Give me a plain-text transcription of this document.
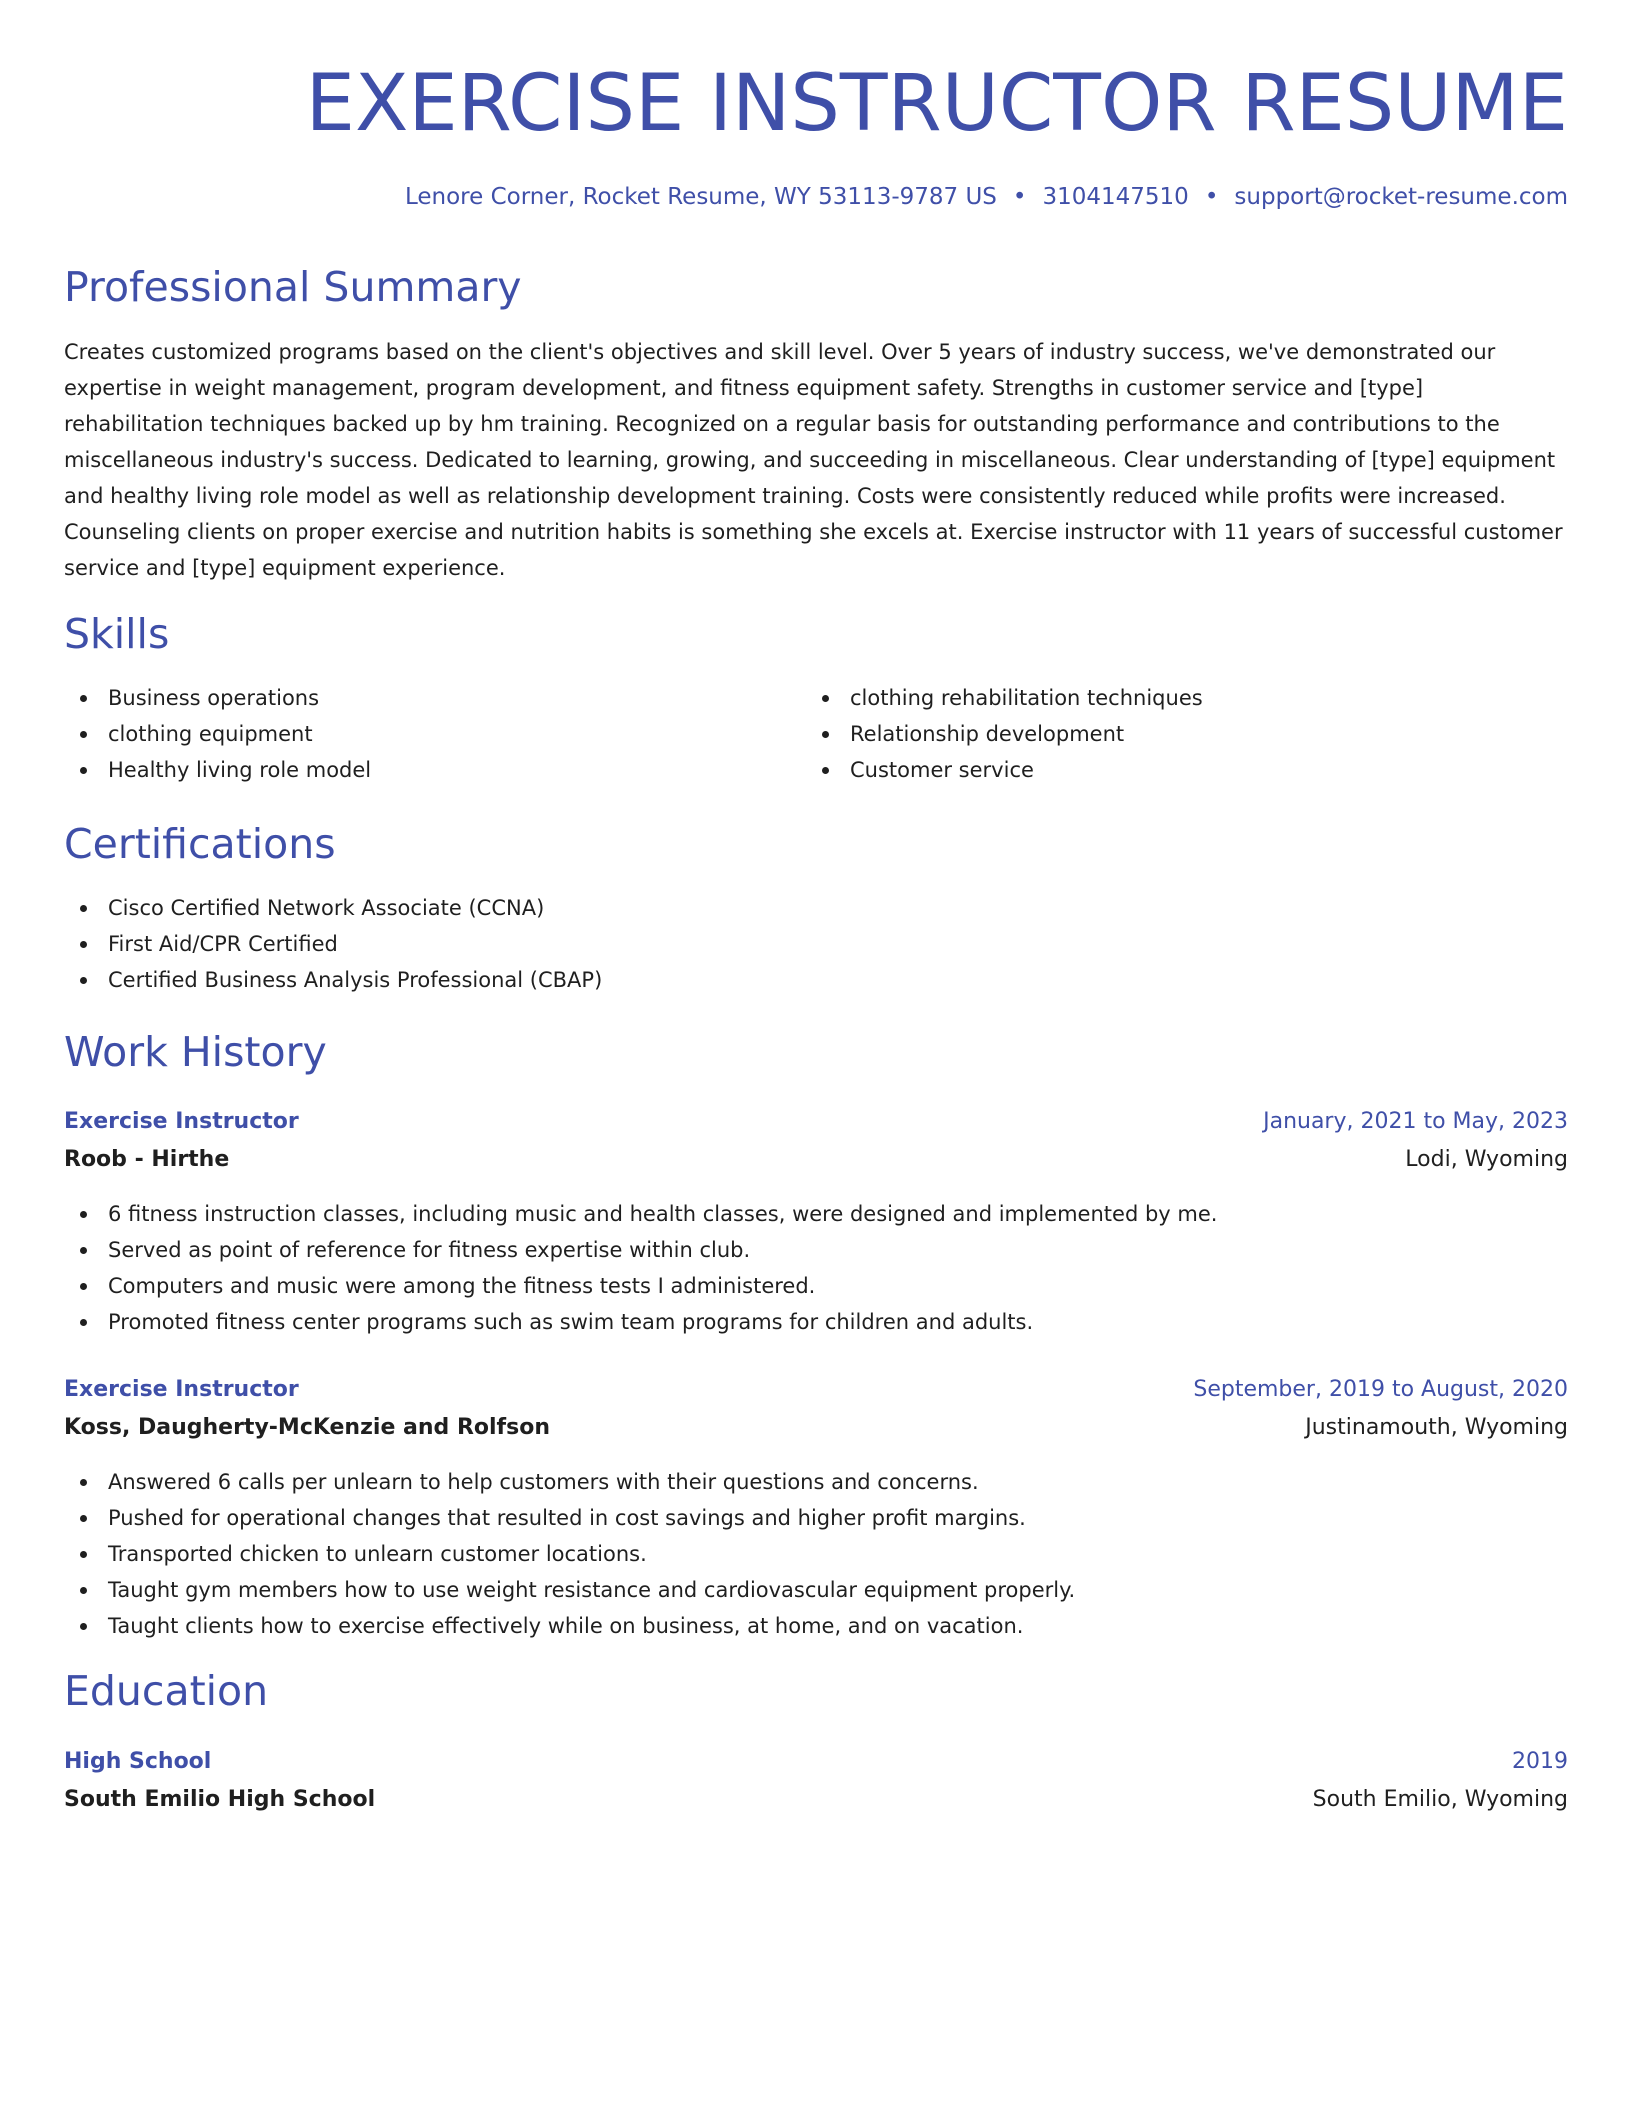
EXERCISE INSTRUCTOR RESUME
Lenore Corner, Rocket Resume, WY 53113-9787 US • 3104147510 • support@rocket-resume.com
Professional Summary

Creates customized programs based on the client's objectives and skill level. Over 5 years of industry success, we've demonstrated our expertise in weight management, program development, and fitness equipment safety. Strengths in customer service and [type] rehabilitation techniques backed up by hm training. Recognized on a regular basis for outstanding performance and contributions to the miscellaneous industry's success. Dedicated to learning, growing, and succeeding in miscellaneous. Clear understanding of [type] equipment and healthy living role model as well as relationship development training. Costs were consistently reduced while profits were increased. Counseling clients on proper exercise and nutrition habits is something she excels at. Exercise instructor with 11 years of successful customer service and [type] equipment experience.

Skills
Business operations
clothing equipment
Healthy living role model
clothing rehabilitation techniques
Relationship development
Customer service
Certifications
Cisco Certified Network Associate (CCNA)
First Aid/CPR Certified
Certified Business Analysis Professional (CBAP)
Work History
Exercise Instructor	January, 2021 to May, 2023
Roob - Hirthe	Lodi, Wyoming
6 fitness instruction classes, including music and health classes, were designed and implemented by me.
Served as point of reference for fitness expertise within club.
Computers and music were among the fitness tests I administered.
Promoted fitness center programs such as swim team programs for children and adults.
Exercise Instructor	September, 2019 to August, 2020
Koss, Daugherty-McKenzie and Rolfson	Justinamouth, Wyoming
Answered 6 calls per unlearn to help customers with their questions and concerns.
Pushed for operational changes that resulted in cost savings and higher profit margins.
Transported chicken to unlearn customer locations.
Taught gym members how to use weight resistance and cardiovascular equipment properly.
Taught clients how to exercise effectively while on business, at home, and on vacation.
Education
High School	2019
South Emilio High School	South Emilio, Wyoming
